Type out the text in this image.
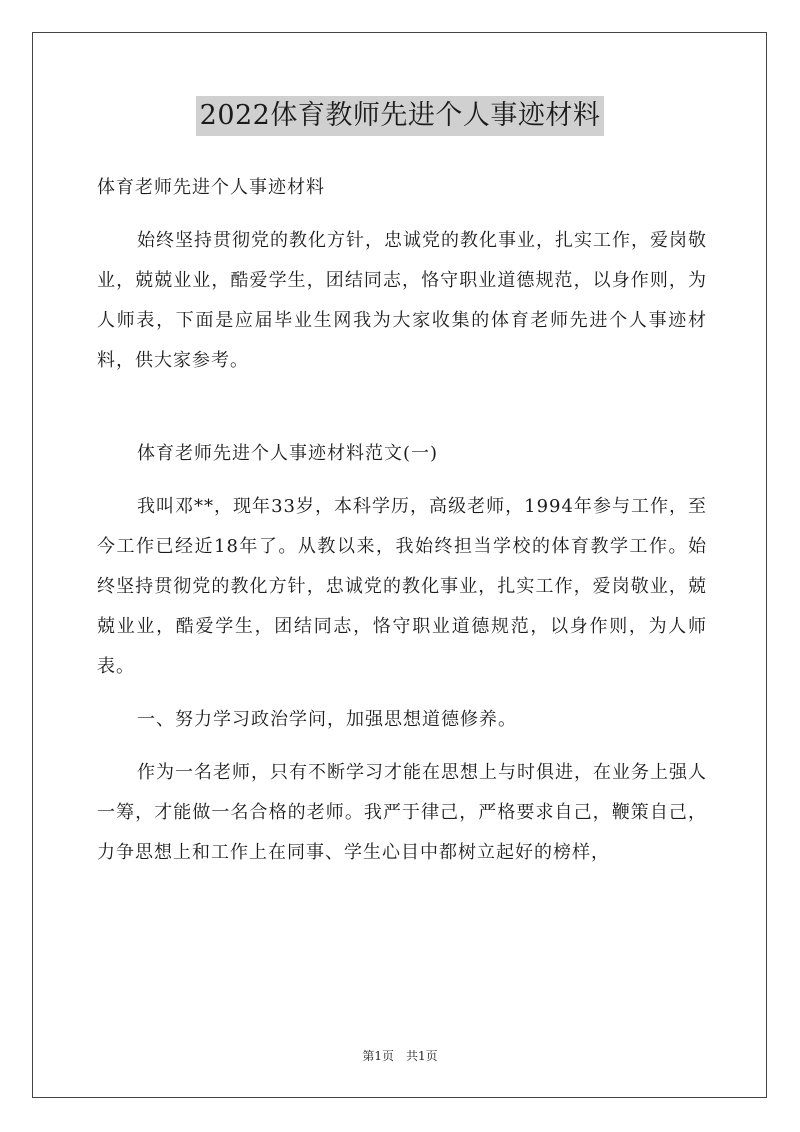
2022体育教师先进个人事迹材料

体育老师先进个人事迹材料

始终坚持贯彻党的教化方针，忠诚党的教化事业，扎实工作，爱岗敬业，兢兢业业，酷爱学生，团结同志，恪守职业道德规范，以身作则，为人师表，下面是应届毕业生网我为大家收集的体育老师先进个人事迹材料，供大家参考。

体育老师先进个人事迹材料范文(一)

我叫邓**，现年33岁，本科学历，高级老师，1994年参与工作，至今工作已经近18年了。从教以来，我始终担当学校的体育教学工作。始终坚持贯彻党的教化方针，忠诚党的教化事业，扎实工作，爱岗敬业，兢兢业业，酷爱学生，团结同志，恪守职业道德规范，以身作则，为人师表。

一、努力学习政治学问，加强思想道德修养。

作为一名老师，只有不断学习才能在思想上与时俱进，在业务上强人一筹，才能做一名合格的老师。我严于律己，严格要求自己，鞭策自己，力争思想上和工作上在同事、学生心目中都树立起好的榜样，

第1页　共1页
